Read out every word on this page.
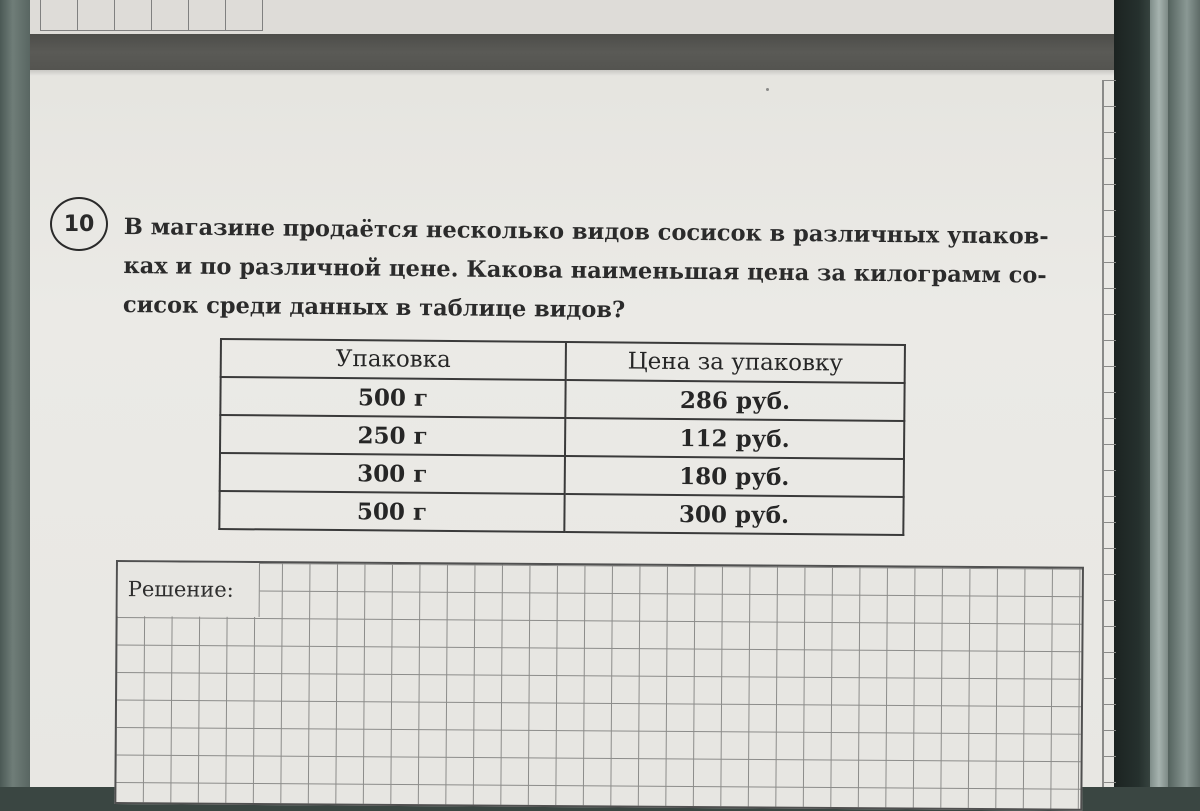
10 В магазине продаётся несколько видов сосисок в различных упаков-
ках и по различной цене. Какова наименьшая цена за килограмм со-
сисок среди данных в таблице видов?
Упаковка	Цена за упаковку
500 г	286 руб.
250 г	112 руб.
300 г	180 руб.
500 г	300 руб.
Решение:
